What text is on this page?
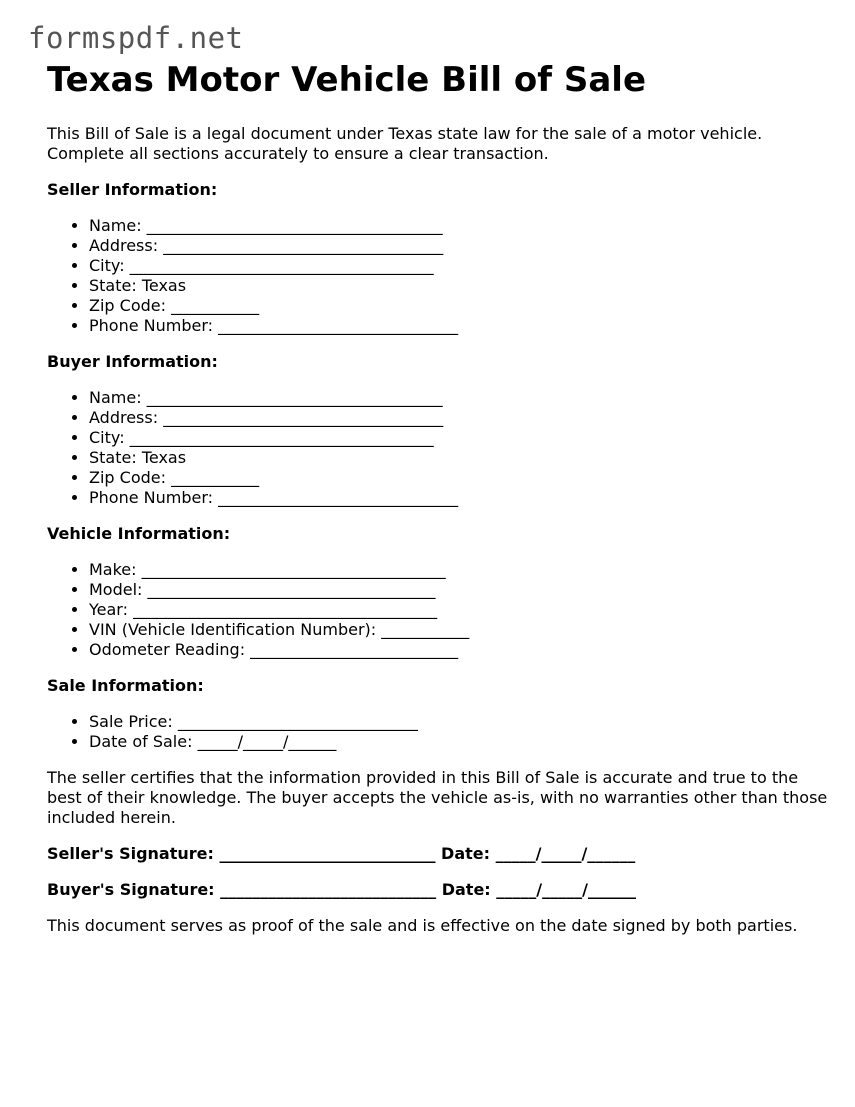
formspdf.net
Texas Motor Vehicle Bill of Sale

This Bill of Sale is a legal document under Texas state law for the sale of a motor vehicle. Complete all sections accurately to ensure a clear transaction.

Seller Information:
• Name: _____________________________________
• Address: ___________________________________
• City: ______________________________________
• State: Texas
• Zip Code: ___________
• Phone Number: ______________________________
Buyer Information:
• Name: _____________________________________
• Address: ___________________________________
• City: ______________________________________
• State: Texas
• Zip Code: ___________
• Phone Number: ______________________________
Vehicle Information:
• Make: ______________________________________
• Model: ____________________________________
• Year: ______________________________________
• VIN (Vehicle Identification Number): ___________
• Odometer Reading: __________________________
Sale Information:
• Sale Price: ______________________________
• Date of Sale: _____/_____/______

The seller certifies that the information provided in this Bill of Sale is accurate and true to the best of their knowledge. The buyer accepts the vehicle as-is, with no warranties other than those included herein.

Seller's Signature: ___________________________ Date: _____/_____/______
Buyer's Signature: ___________________________ Date: _____/_____/______

This document serves as proof of the sale and is effective on the date signed by both parties.
